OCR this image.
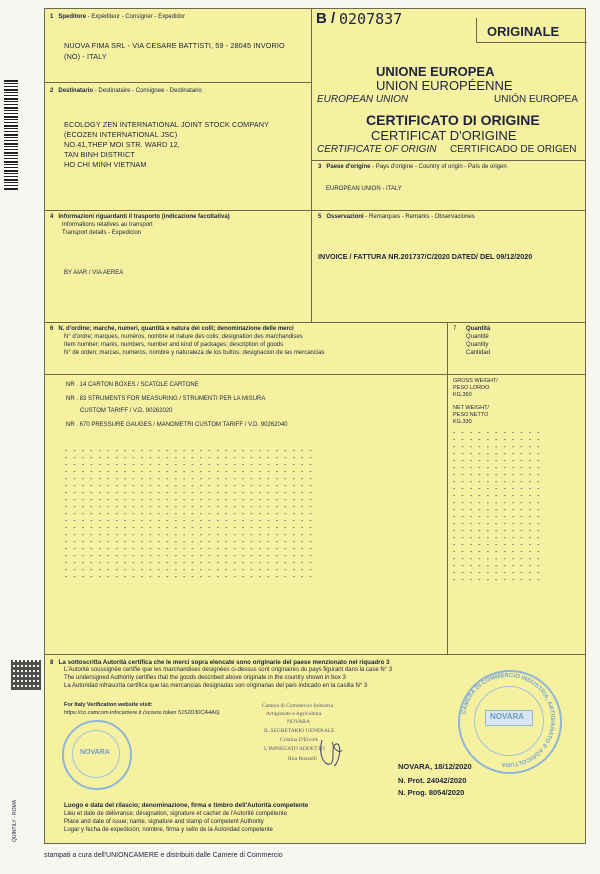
QUINTILY - ROMA
B / 0207837
ORIGINALE
1 Speditore - Expéditeur - Consigner - Expedidor
NUOVA FIMA SRL - VIA CESARE BATTISTI, 59 - 28045 INVORIO
(NO) - ITALY
2 Destinatario - Destinataire - Consignee - Destinatario
ECOLOGY ZEN INTERNATIONAL JOINT STOCK COMPANY
(ECOZEN INTERNATIONAL JSC)
NO.41,THEP MOI STR. WARD 12,
TAN BINH DISTRICT
HO CHI MINH VIETNAM
UNIONE EUROPEA
UNION EUROPÉENNE
EUROPEAN UNION	UNIÓN EUROPEA
CERTIFICATO DI ORIGINE
CERTIFICAT D'ORIGINE
CERTIFICATE OF ORIGIN CERTIFICADO DE ORIGEN
3 Paese d'origine - Pays d'origine - Country of origin - País de origen
EUROPEAN UNION - ITALY
4 Informazioni riguardanti il trasporto (indicazione facoltativa)
Informations relatives au transport
Transport details - Expedicion
BY AIAR / VIA AEREA
5 Osservazioni - Remarques - Remarks - Observaciones
INVOICE / FATTURA NR.201737/C/2020 DATED/ DEL 09/12/2020
6 N. d'ordine; marche, numeri, quantità e natura dei colli; denominazione delle merci
N° d'ordre; marques, numéros, nombre et nature des colis; designation des marchandises
Item number; marks, numbers, number and kind of packages; description of goods
N° de orden; marcas, numeros, nombre y naturaleza de los bultos; designacion de las mercancias
NR . 14 CARTON BOXES / SCATOLE CARTONE
NR . 83 STRUMENTS FOR MEASURING / STRUMENTI PER LA MISURA
CUSTOM TARIFF / V.D. 90262020
NR . 670 PRESSURE GAUGES / MANOMETRI CUSTOM TARIFF / V.D. 90262040
- - - - - - - - - - - - - - - - - - - - - - - - - - - - - -
- - - - - - - - - - - - - - - - - - - - - - - - - - - - - -
- - - - - - - - - - - - - - - - - - - - - - - - - - - - - -
- - - - - - - - - - - - - - - - - - - - - - - - - - - - - -
- - - - - - - - - - - - - - - - - - - - - - - - - - - - - -
- - - - - - - - - - - - - - - - - - - - - - - - - - - - - -
- - - - - - - - - - - - - - - - - - - - - - - - - - - - - -
- - - - - - - - - - - - - - - - - - - - - - - - - - - - - -
- - - - - - - - - - - - - - - - - - - - - - - - - - - - - -
- - - - - - - - - - - - - - - - - - - - - - - - - - - - - -
- - - - - - - - - - - - - - - - - - - - - - - - - - - - - -
- - - - - - - - - - - - - - - - - - - - - - - - - - - - - -
- - - - - - - - - - - - - - - - - - - - - - - - - - - - - -
- - - - - - - - - - - - - - - - - - - - - - - - - - - - - -
- - - - - - - - - - - - - - - - - - - - - - - - - - - - - -
- - - - - - - - - - - - - - - - - - - - - - - - - - - - - -
- - - - - - - - - - - - - - - - - - - - - - - - - - - - - -
- - - - - - - - - - - - - - - - - - - - - - - - - - - - - -
- - - - - - - - - - - - - - - - - - - - - - - - - - - - - -

- - - - - - - - - - -
- - - - - - - - - - -
- - - - - - - - - - -
- - - - - - - - - - -
- - - - - - - - - - -
- - - - - - - - - - -
- - - - - - - - - - -
- - - - - - - - - - -
- - - - - - - - - - -
- - - - - - - - - - -
- - - - - - - - - - -
- - - - - - - - - - -
- - - - - - - - - - -
- - - - - - - - - - -
- - - - - - - - - - -
- - - - - - - - - - -
- - - - - - - - - - -
- - - - - - - - - - -
- - - - - - - - - - -
- - - - - - - - - - -
- - - - - - - - - - -
- - - - - - - - - - -

7 Quantità
Quantité
Quantity
Cantidad
GROSS WEIGHT/
PESO LORDO
KG.360
NET WEIGHT/
PESO NETTO
KG.330
8 La sottoscritta Autorità certifica che le merci sopra elencate sono originarie del paese menzionato nel riquadro 3
L'Autorité soussignée certifie que les marchandises designées ci-dessus sont originaires du pays figurant dans la case N° 3
The undersigned Authority certifies that the goods described above originate in the country shown in box 3
La Autoridad infrascrita certifica que las mercancias designadas son originarias del país indicado en la casilla N° 3
For Italy Verification website visit:
https://co.camcom.infocamere.it (scoure token 5152D30CA4A6)
Camera di Commercio Industria
Artigianato e Agricoltura
NOVARA
IL SEGRETARIO GENERALE
Cristina D'Ercole
L'IMPIEGATO ADDETTO
Rita Bozzelli
NOVARA, 18/12/2020
N. Prot. 24042/2020
N. Prog. 8054/2020
Luogo e data del rilascio; denominazione, firma e timbro dell'Autorità competente
Lieu et date de délivrance; désignation, signature et cachet de l'Autorité compétente
Place and date of issue; name, signature and stamp of competent Authority
Lugar y fecha de expedición; nombre, firma y sello de la Autoridad competente
NOVARA
NOVARA
CAMERA DI COMMERCIO INDUSTRIA, ARTIGIANATO E AGRICOLTURA
stampati a cura dell'UNIONCAMERE e distribuiti dalle Camere di Commercio
